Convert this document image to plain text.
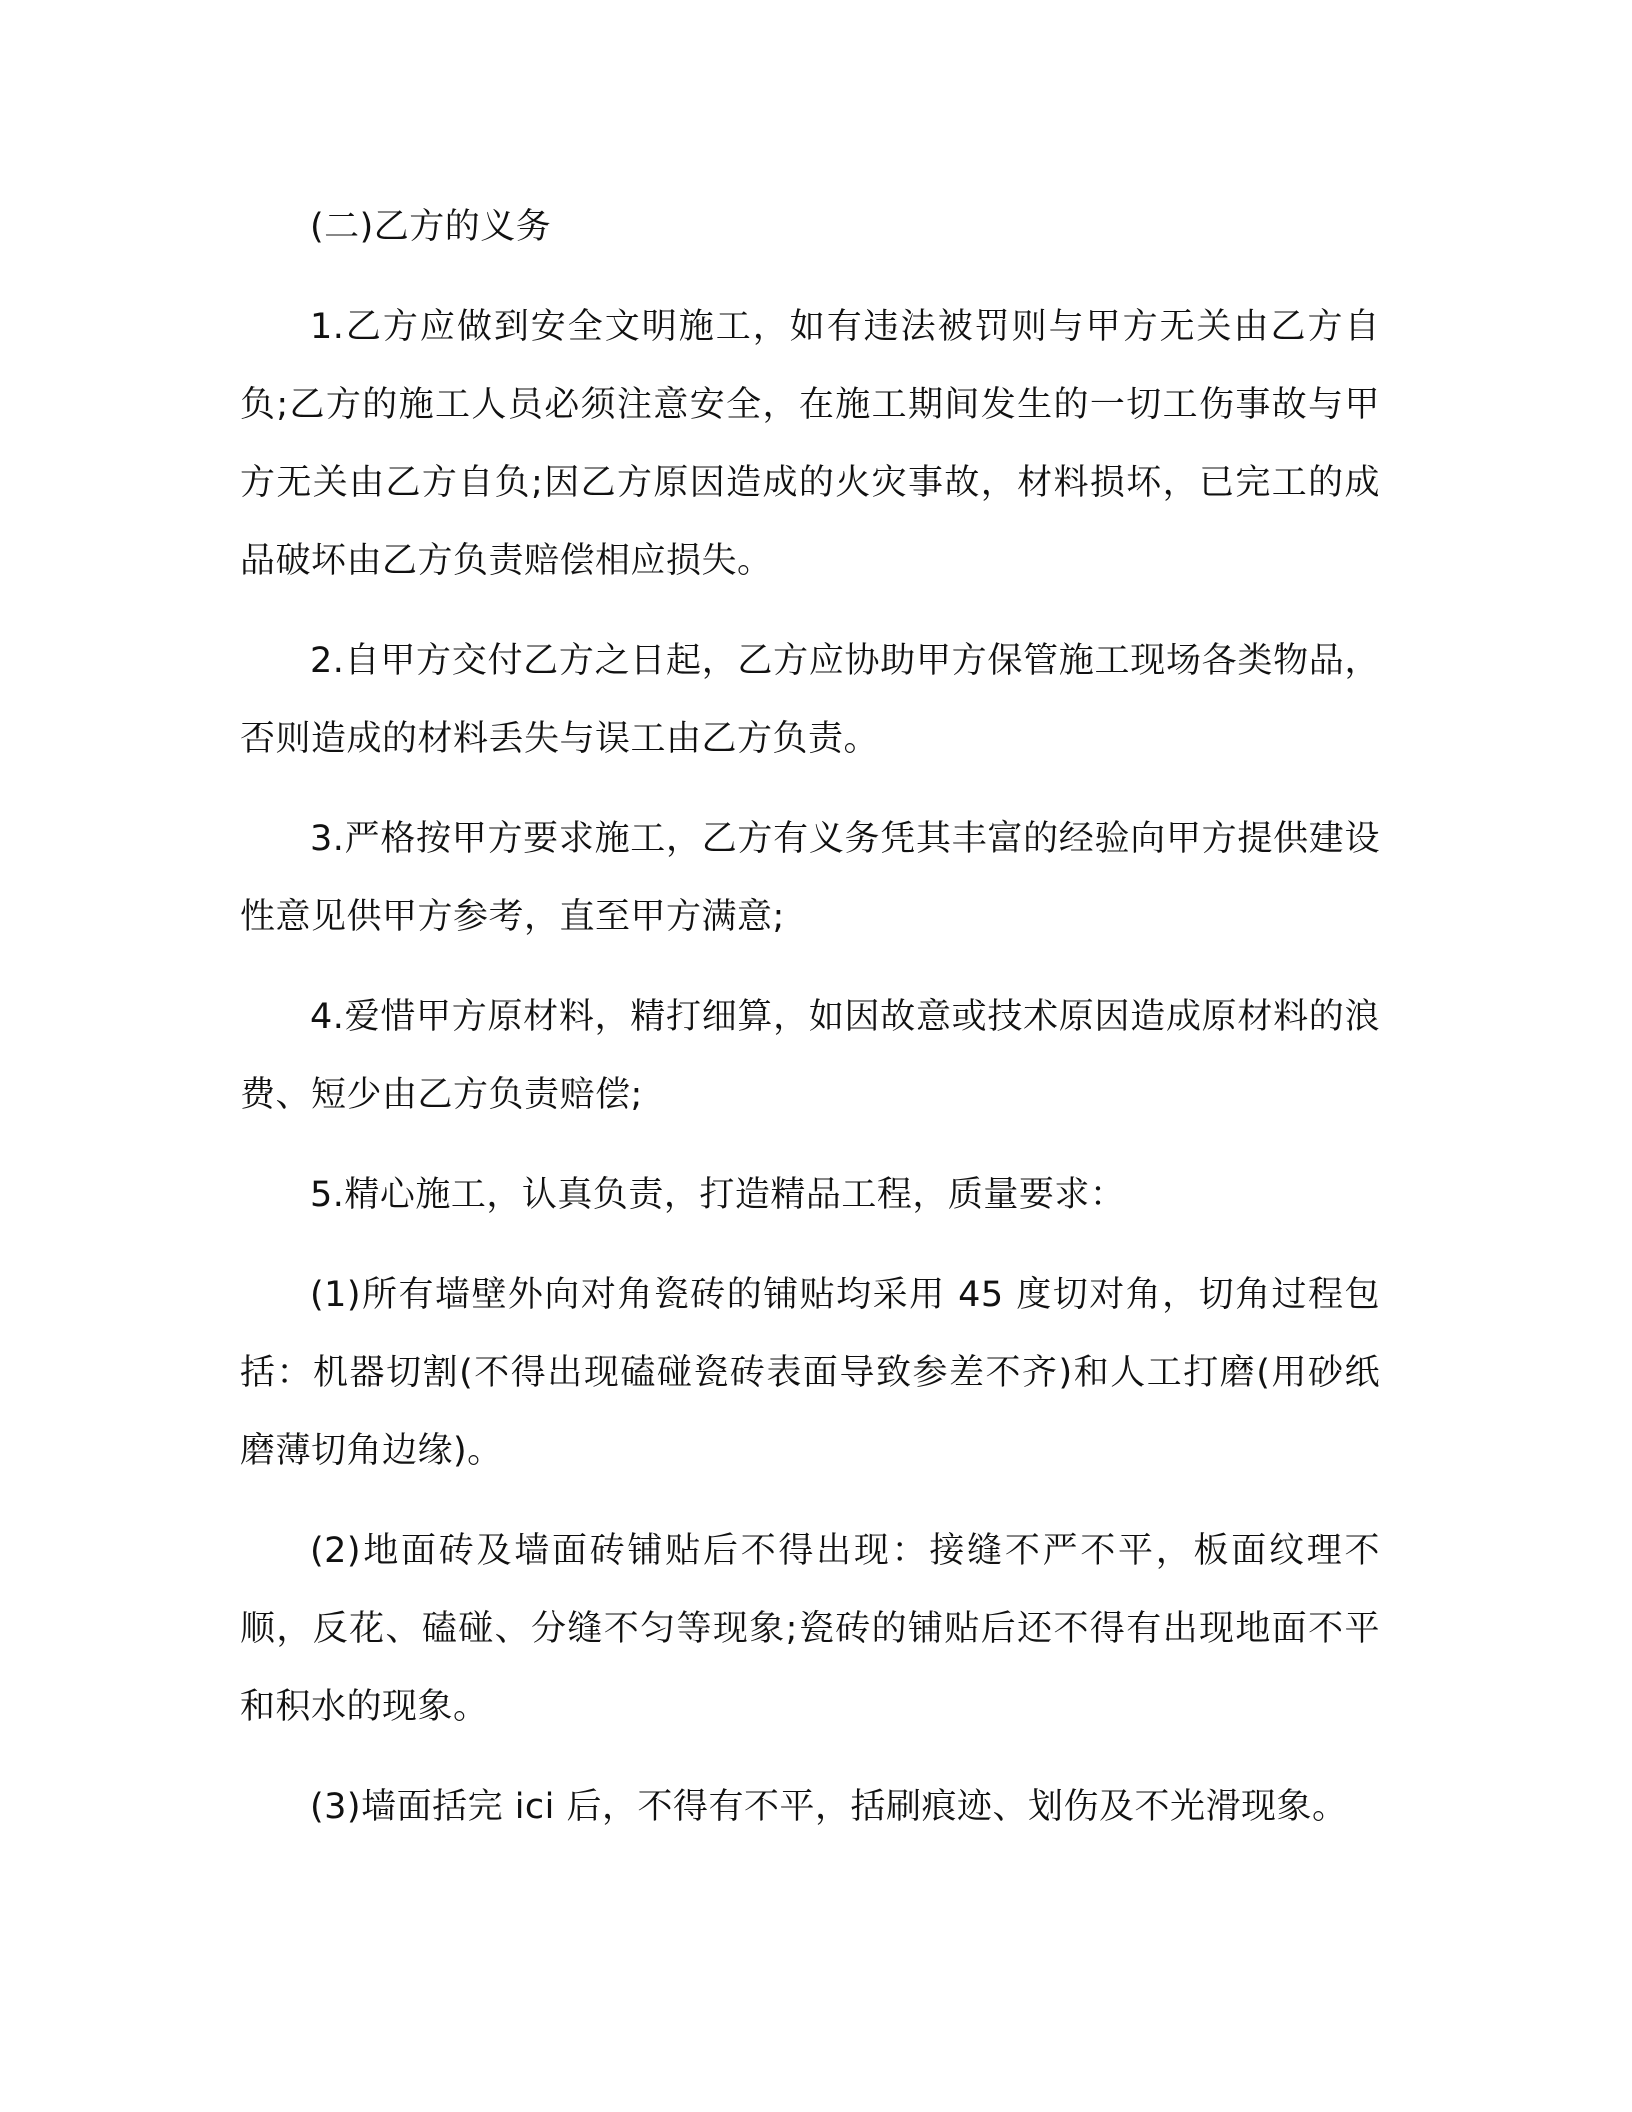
(二)乙方的义务

1.乙方应做到安全文明施工，如有违法被罚则与甲方无关由乙方自负;乙方的施工人员必须注意安全，在施工期间发生的一切工伤事故与甲方无关由乙方自负;因乙方原因造成的火灾事故，材料损坏，已完工的成品破坏由乙方负责赔偿相应损失。

2.自甲方交付乙方之日起，乙方应协助甲方保管施工现场各类物品，否则造成的材料丢失与误工由乙方负责。

3.严格按甲方要求施工，乙方有义务凭其丰富的经验向甲方提供建设性意见供甲方参考，直至甲方满意;

4.爱惜甲方原材料，精打细算，如因故意或技术原因造成原材料的浪费、短少由乙方负责赔偿;

5.精心施工，认真负责，打造精品工程，质量要求：

(1)所有墙壁外向对角瓷砖的铺贴均采用 45 度切对角，切角过程包括：机器切割(不得出现磕碰瓷砖表面导致参差不齐)和人工打磨(用砂纸磨薄切角边缘)。

(2)地面砖及墙面砖铺贴后不得出现：接缝不严不平，板面纹理不顺，反花、磕碰、分缝不匀等现象;瓷砖的铺贴后还不得有出现地面不平和积水的现象。

(3)墙面括完 ici 后，不得有不平，括刷痕迹、划伤及不光滑现象。
